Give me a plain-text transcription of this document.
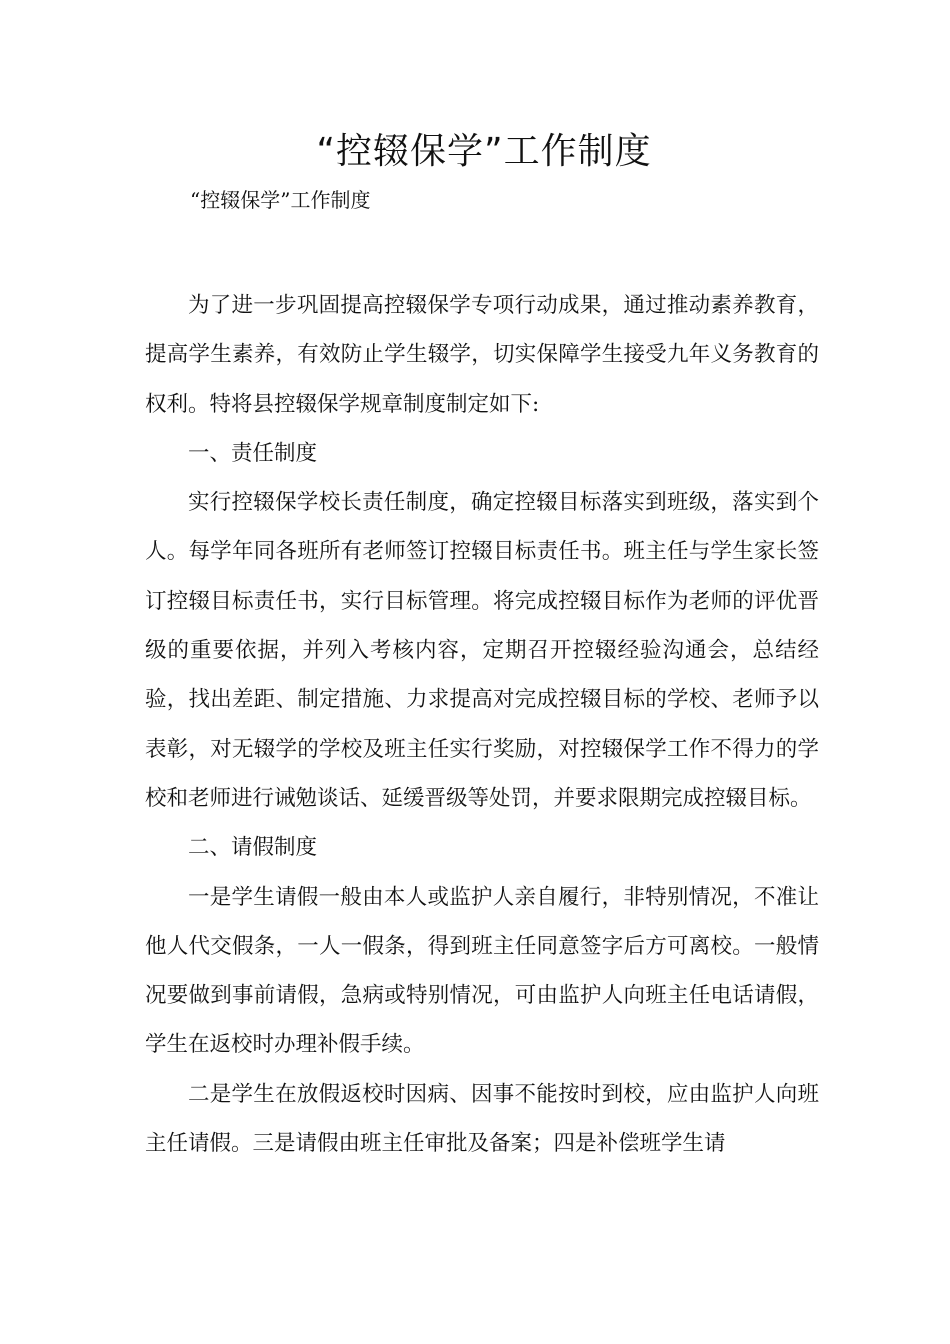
“控辍保学”工作制度

“控辍保学”工作制度

为了进一步巩固提高控辍保学专项行动成果，通过推动素养教育，提高学生素养，有效防止学生辍学，切实保障学生接受九年义务教育的权利。特将县控辍保学规章制度制定如下:

一、责任制度

实行控辍保学校长责任制度，确定控辍目标落实到班级，落实到个人。每学年同各班所有老师签订控辍目标责任书。班主任与学生家长签订控辍目标责任书，实行目标管理。将完成控辍目标作为老师的评优晋级的重要依据，并列入考核内容，定期召开控辍经验沟通会，总结经验，找出差距、制定措施、力求提高对完成控辍目标的学校、老师予以表彰，对无辍学的学校及班主任实行奖励，对控辍保学工作不得力的学校和老师进行诫勉谈话、延缓晋级等处罚，并要求限期完成控辍目标。

二、请假制度

一是学生请假一般由本人或监护人亲自履行，非特别情况，不准让他人代交假条，一人一假条，得到班主任同意签字后方可离校。一般情况要做到事前请假，急病或特别情况，可由监护人向班主任电话请假，学生在返校时办理补假手续。

二是学生在放假返校时因病、因事不能按时到校，应由监护人向班主任请假。三是请假由班主任审批及备案；四是补偿班学生请
